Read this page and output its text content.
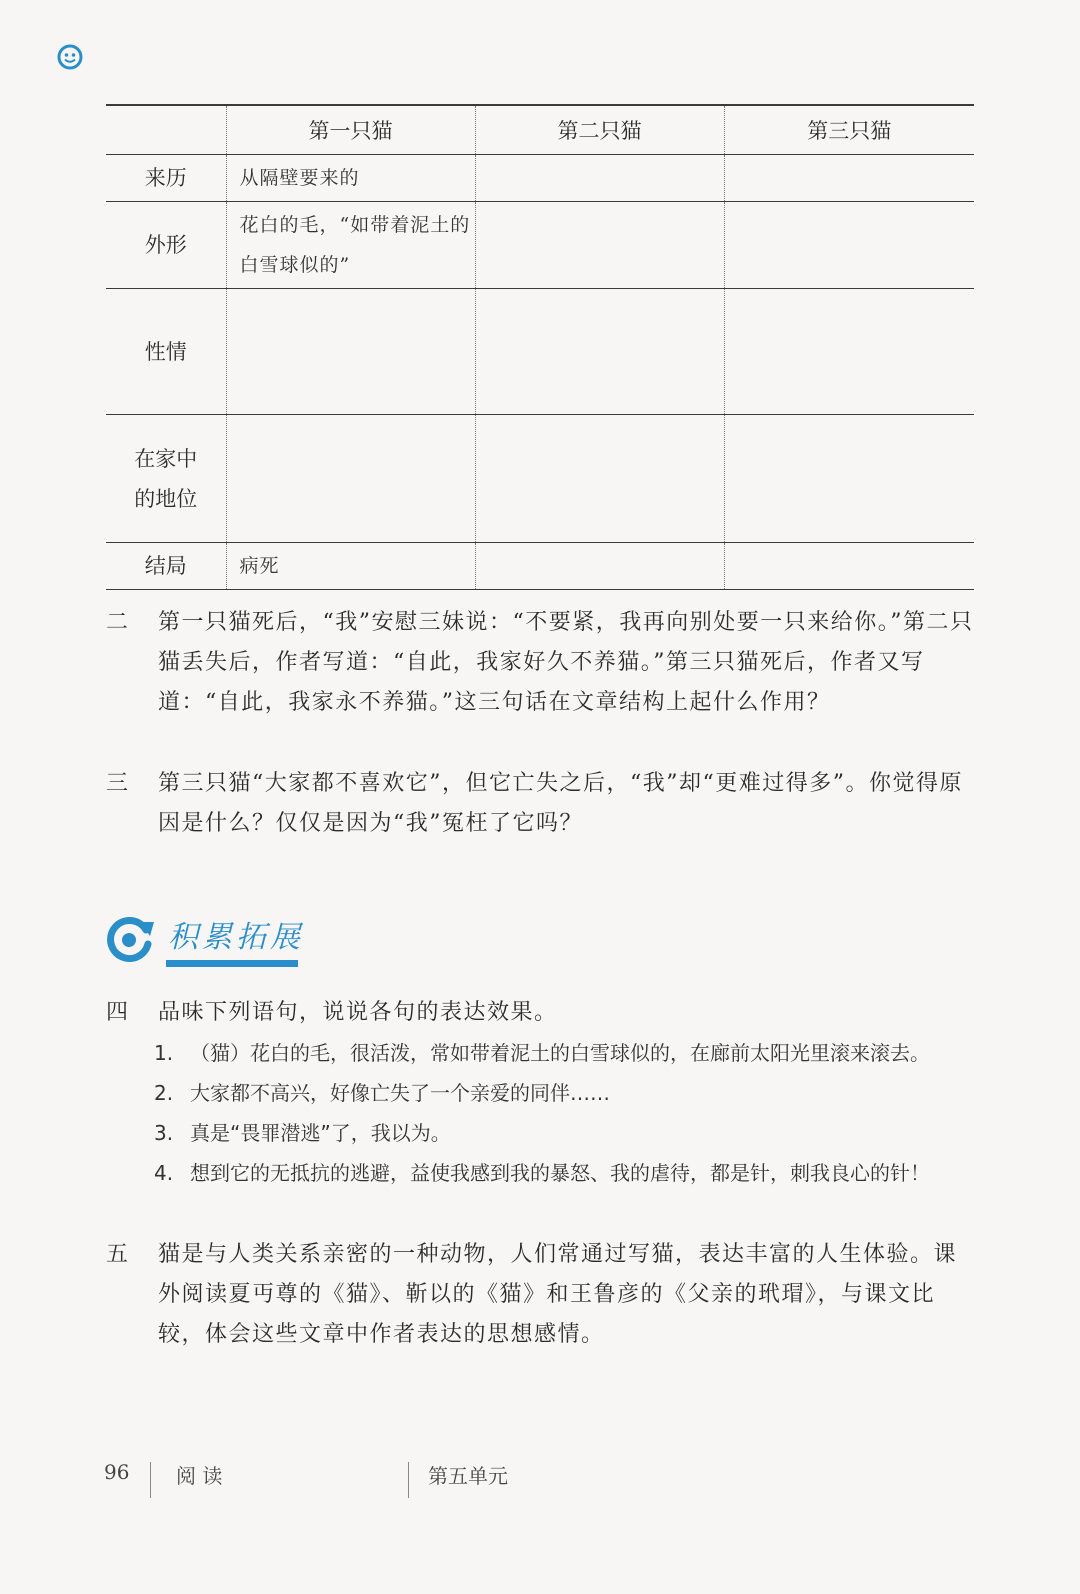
	第一只猫	第二只猫	第三只猫
来历	从隔壁要来的		
外形	花白的毛，“如带着泥土的白雪球似的”		
性情			
在家中的地位			
结局	病死		
二 第一只猫死后，“我”安慰三妹说：“不要紧，我再向别处要一只来给你。”第二只猫丢失后，作者写道：“自此，我家好久不养猫。”第三只猫死后，作者又写道：“自此，我家永不养猫。”这三句话在文章结构上起什么作用？
三 第三只猫“大家都不喜欢它”，但它亡失之后，“我”却“更难过得多”。你觉得原因是什么？仅仅是因为“我”冤枉了它吗？
积累拓展
四 品味下列语句，说说各句的表达效果。
1. （猫）花白的毛，很活泼，常如带着泥土的白雪球似的，在廊前太阳光里滚来滚去。
2. 大家都不高兴，好像亡失了一个亲爱的同伴……
3. 真是“畏罪潜逃”了，我以为。
4. 想到它的无抵抗的逃避，益使我感到我的暴怒、我的虐待，都是针，刺我良心的针！
五 猫是与人类关系亲密的一种动物，人们常通过写猫，表达丰富的人生体验。课外阅读夏丏尊的《猫》、靳以的《猫》和王鲁彦的《父亲的玳瑁》，与课文比较，体会这些文章中作者表达的思想感情。
96 阅 读	第五单元
